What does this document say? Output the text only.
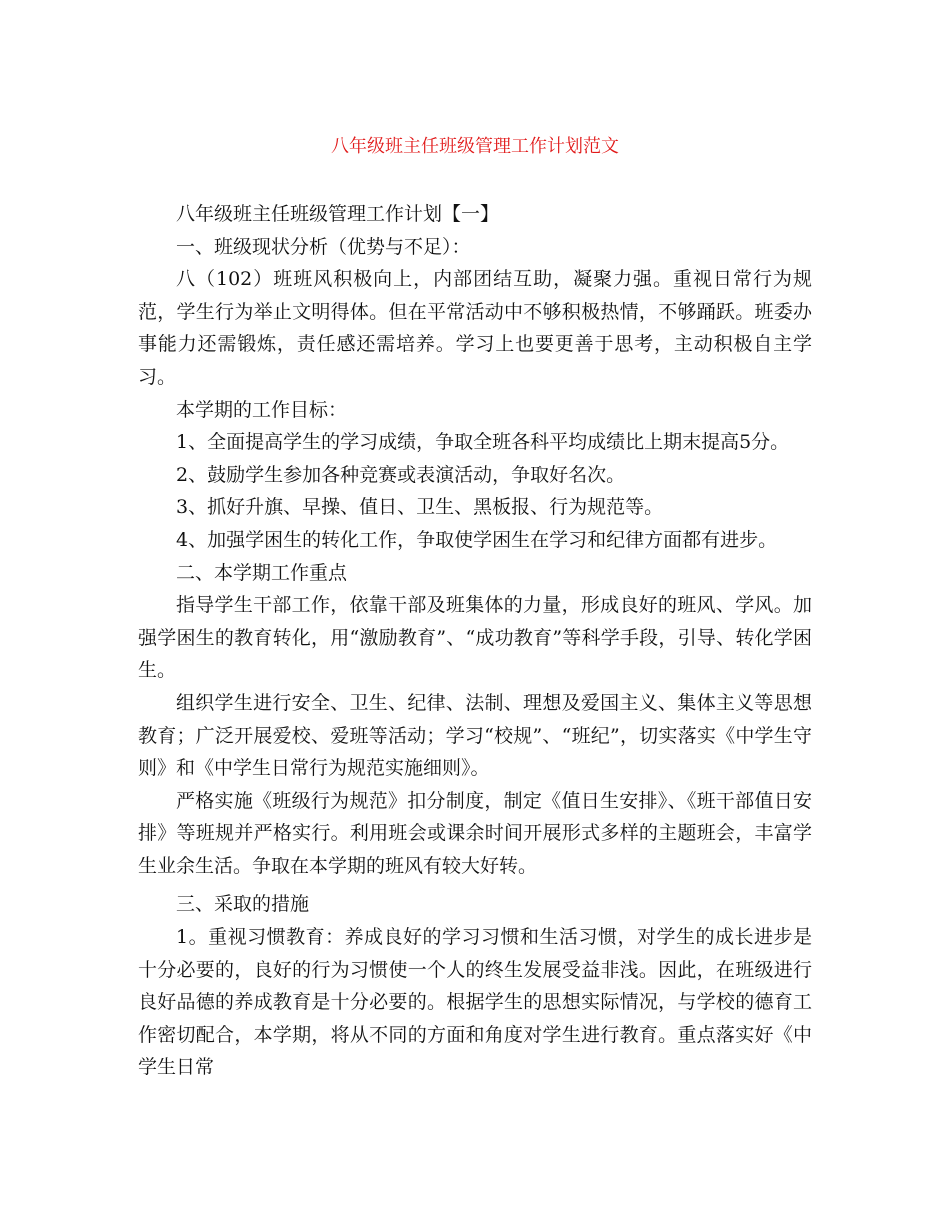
八年级班主任班级管理工作计划范文

八年级班主任班级管理工作计划【一】

一、班级现状分析（优势与不足）：

八（102）班班风积极向上，内部团结互助，凝聚力强。重视日常行为规范，学生行为举止文明得体。但在平常活动中不够积极热情，不够踊跃。班委办事能力还需锻炼，责任感还需培养。学习上也要更善于思考，主动积极自主学习。

本学期的工作目标：

1、全面提高学生的学习成绩，争取全班各科平均成绩比上期末提高5分。

2、鼓励学生参加各种竞赛或表演活动，争取好名次。

3、抓好升旗、早操、值日、卫生、黑板报、行为规范等。

4、加强学困生的转化工作，争取使学困生在学习和纪律方面都有进步。

二、本学期工作重点

指导学生干部工作，依靠干部及班集体的力量，形成良好的班风、学风。加强学困生的教育转化，用“激励教育”、“成功教育”等科学手段，引导、转化学困生。

组织学生进行安全、卫生、纪律、法制、理想及爱国主义、集体主义等思想教育；广泛开展爱校、爱班等活动；学习“校规”、“班纪”，切实落实《中学生守则》和《中学生日常行为规范实施细则》。

严格实施《班级行为规范》扣分制度，制定《值日生安排》、《班干部值日安排》等班规并严格实行。利用班会或课余时间开展形式多样的主题班会，丰富学生业余生活。争取在本学期的班风有较大好转。

三、采取的措施

1。重视习惯教育：养成良好的学习习惯和生活习惯，对学生的成长进步是十分必要的，良好的行为习惯使一个人的终生发展受益非浅。因此，在班级进行良好品德的养成教育是十分必要的。根据学生的思想实际情况，与学校的德育工作密切配合，本学期，将从不同的方面和角度对学生进行教育。重点落实好《中学生日常
